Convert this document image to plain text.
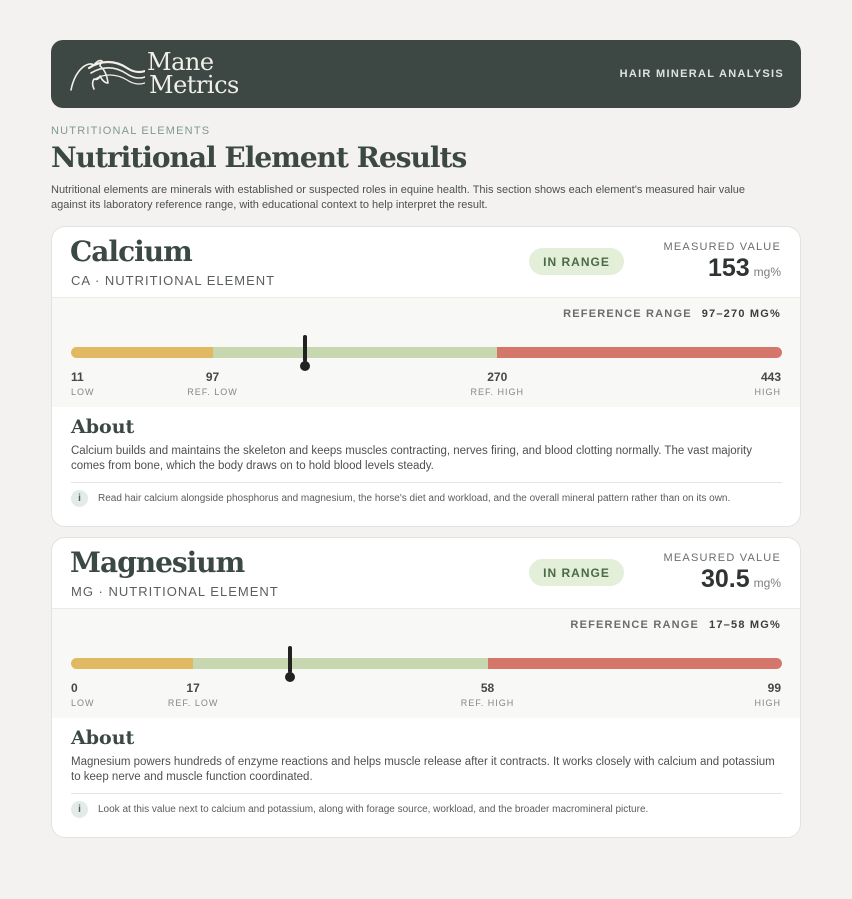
Mane
Metrics	HAIR MINERAL ANALYSIS
NUTRITIONAL ELEMENTS
Nutritional Element Results
Nutritional elements are minerals with established or suspected roles in equine health. This section shows each element's measured hair value against its laboratory reference range, with educational context to help interpret the result.
Calcium
CA · NUTRITIONAL ELEMENT
IN RANGE
MEASURED VALUE
153 mg%
REFERENCE RANGE 97–270 MG%
11
LOW
97
REF. LOW
270
REF. HIGH
443
HIGH
About
Calcium builds and maintains the skeleton and keeps muscles contracting, nerves firing, and blood clotting normally. The vast majority comes from bone, which the body draws on to hold blood levels steady.
i	Read hair calcium alongside phosphorus and magnesium, the horse's diet and workload, and the overall mineral pattern rather than on its own.
Magnesium
MG · NUTRITIONAL ELEMENT
IN RANGE
MEASURED VALUE
30.5 mg%
REFERENCE RANGE 17–58 MG%
0
LOW
17
REF. LOW
58
REF. HIGH
99
HIGH
About
Magnesium powers hundreds of enzyme reactions and helps muscle release after it contracts. It works closely with calcium and potassium to keep nerve and muscle function coordinated.
i	Look at this value next to calcium and potassium, along with forage source, workload, and the broader macromineral picture.
